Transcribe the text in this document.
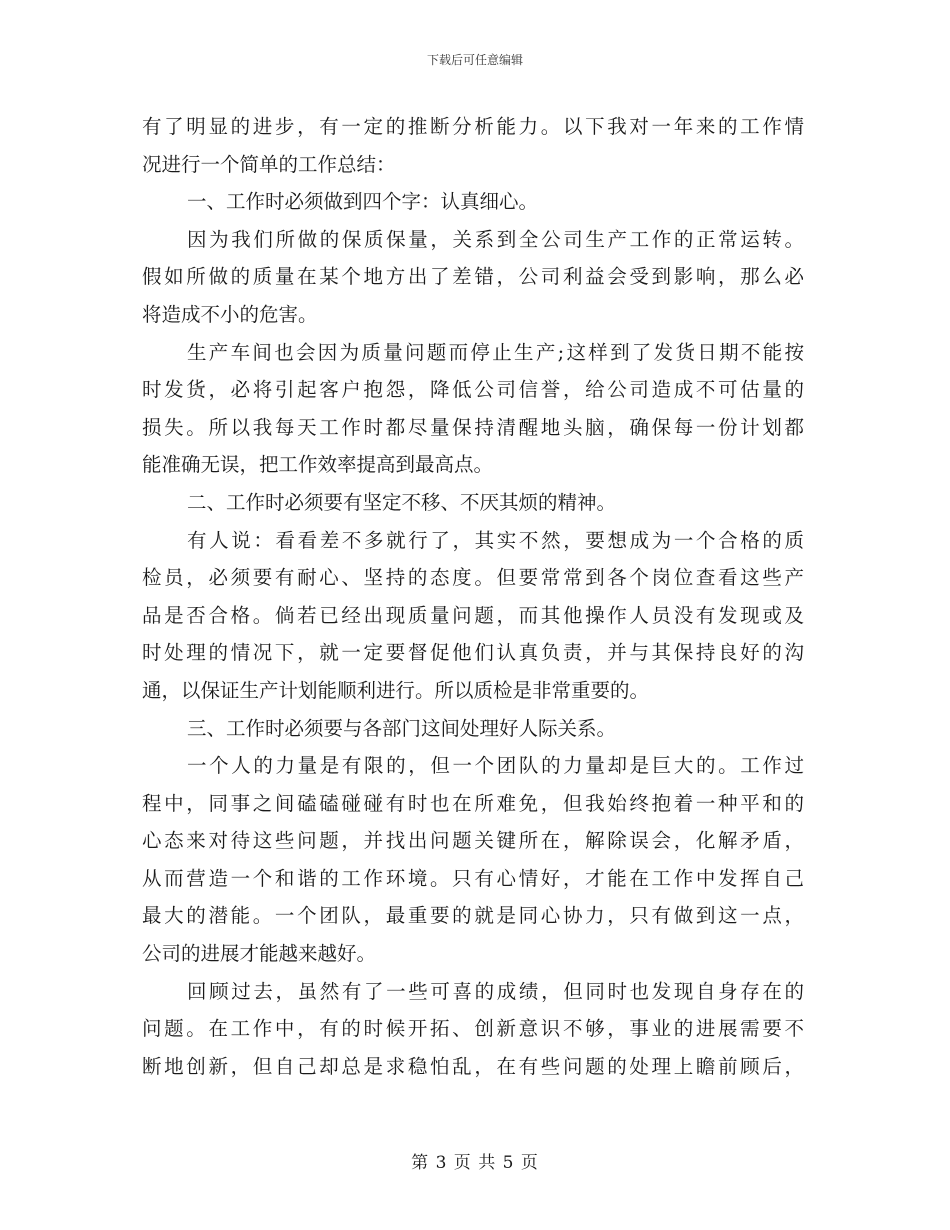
下载后可任意编辑
有了明显的进步，有一定的推断分析能力。以下我对一年来的工作情
况进行一个简单的工作总结：
一、工作时必须做到四个字：认真细心。
因为我们所做的保质保量，关系到全公司生产工作的正常运转。
假如所做的质量在某个地方出了差错，公司利益会受到影响，那么必
将造成不小的危害。
生产车间也会因为质量问题而停止生产;这样到了发货日期不能按
时发货，必将引起客户抱怨，降低公司信誉，给公司造成不可估量的
损失。所以我每天工作时都尽量保持清醒地头脑，确保每一份计划都
能准确无误，把工作效率提高到最高点。
二、工作时必须要有坚定不移、不厌其烦的精神。
有人说：看看差不多就行了，其实不然，要想成为一个合格的质
检员，必须要有耐心、坚持的态度。但要常常到各个岗位查看这些产
品是否合格。倘若已经出现质量问题，而其他操作人员没有发现或及
时处理的情况下，就一定要督促他们认真负责，并与其保持良好的沟
通，以保证生产计划能顺利进行。所以质检是非常重要的。
三、工作时必须要与各部门这间处理好人际关系。
一个人的力量是有限的，但一个团队的力量却是巨大的。工作过
程中，同事之间磕磕碰碰有时也在所难免，但我始终抱着一种平和的
心态来对待这些问题，并找出问题关键所在，解除误会，化解矛盾，
从而营造一个和谐的工作环境。只有心情好，才能在工作中发挥自己
最大的潜能。一个团队，最重要的就是同心协力，只有做到这一点，
公司的进展才能越来越好。
回顾过去，虽然有了一些可喜的成绩，但同时也发现自身存在的
问题。在工作中，有的时候开拓、创新意识不够，事业的进展需要不
断地创新，但自己却总是求稳怕乱，在有些问题的处理上瞻前顾后，
第 3 页 共 5 页
